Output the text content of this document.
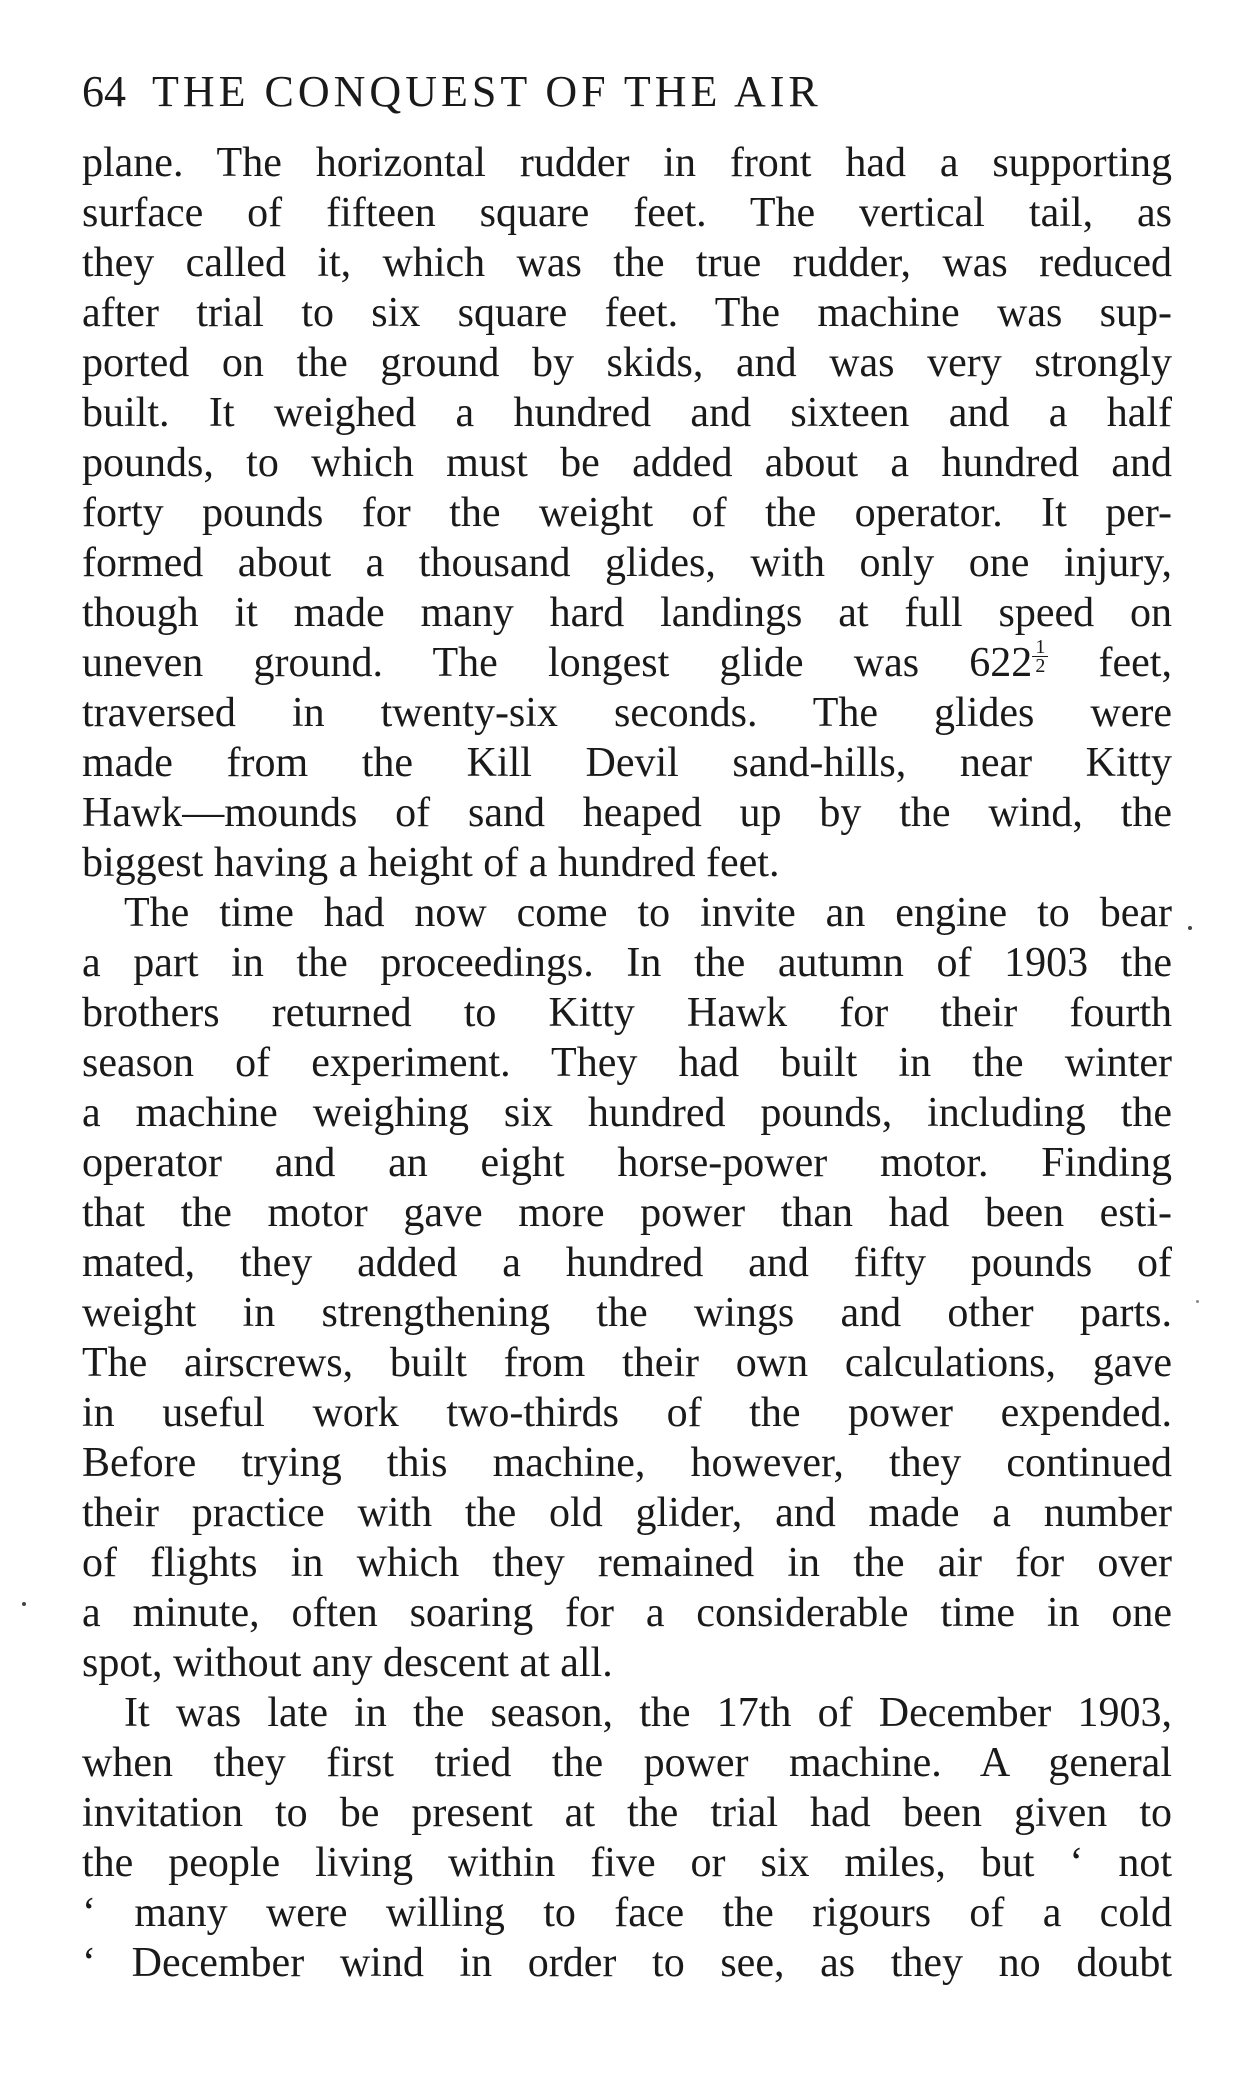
64 THE CONQUEST OF THE AIR
plane. The horizontal rudder in front had a supporting
surface of fifteen square feet. The vertical tail, as
they called it, which was the true rudder, was reduced
after trial to six square feet. The machine was sup-
ported on the ground by skids, and was very strongly
built. It weighed a hundred and sixteen and a half
pounds, to which must be added about a hundred and
forty pounds for the weight of the operator. It per-
formed about a thousand glides, with only one injury,
though it made many hard landings at full speed on
uneven ground. The longest glide was $622 \frac{1}{2}$ feet,
traversed in twenty-six seconds. The glides were
made from the Kill Devil sand-hills, near Kitty
Hawk—mounds of sand heaped up by the wind, the
biggest having a height of a hundred feet.
The time had now come to invite an engine to bear
a part in the proceedings. In the autumn of 1903 the
brothers returned to Kitty Hawk for their fourth
season of experiment. They had built in the winter
a machine weighing six hundred pounds, including the
operator and an eight horse-power motor. Finding
that the motor gave more power than had been esti-
mated, they added a hundred and fifty pounds of
weight in strengthening the wings and other parts.
The airscrews, built from their own calculations, gave
in useful work two-thirds of the power expended.
Before trying this machine, however, they continued
their practice with the old glider, and made a number
of flights in which they remained in the air for over
a minute, often soaring for a considerable time in one
spot, without any descent at all.
It was late in the season, the 17th of December 1903,
when they first tried the power machine. A general
invitation to be present at the trial had been given to
the people living within five or six miles, but ‘ not
‘ many were willing to face the rigours of a cold
‘ December wind in order to see, as they no doubt
